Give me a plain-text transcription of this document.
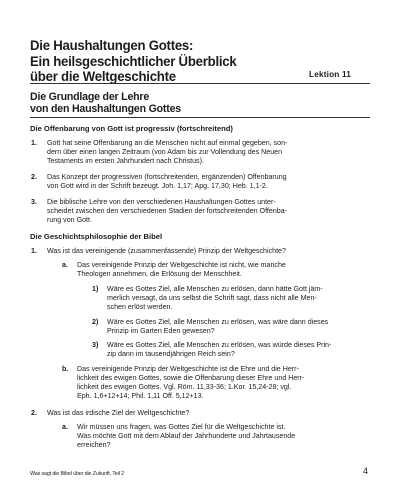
Die Haushaltungen Gottes:
Ein heilsgeschichtlicher Überblick
über die Weltgeschichte	Lektion 11
Die Grundlage der Lehre
von den Haushaltungen Gottes
Die Offenbarung von Gott ist progressiv (fortschreitend)
1. Gott hat seine Offenbarung an die Menschen nicht auf einmal gegeben, son-
dern über einen langen Zeitraum (von Adam bis zur Vollendung des Neuen
Testaments im ersten Jahrhundert nach Christus).
2. Das Konzept der progressiven (fortschreitenden, ergänzenden) Offenbarung
von Gott wird in der Schrift bezeugt. Joh. 1,17; Apg. 17,30; Heb. 1,1-2.
3. Die biblische Lehre von den verschiedenen Haushaltungen Gottes unter-
scheidet zwischen den verschiedenen Stadien der fortschreitenden Offenba-
rung von Gott.
Die Geschichtsphilosophie der Bibel
1. Was ist das vereinigende (zusammenfassende) Prinzip der Weltgeschichte?
a. Das vereinigende Prinzip der Weltgeschichte ist nicht, wie manche
Theologen annehmen, die Erlösung der Menschheit.
1) Wäre es Gottes Ziel, alle Menschen zu erlösen, dann hätte Gott jäm-
merlich versagt, da uns selbst die Schrift sagt, dass nicht alle Men-
schen erlöst werden.
2) Wäre es Gottes Ziel, alle Menschen zu erlösen, was wäre dann dieses
Prinzip im Garten Eden gewesen?
3) Wäre es Gottes Ziel, alle Menschen zu erlösen, was würde dieses Prin-
zip dann im tausendjährigen Reich sein?
b. Das vereinigende Prinzip der Weltgeschichte ist die Ehre und die Herr-
lichkeit des ewigen Gottes, sowie die Offenbarung dieser Ehre und Herr-
lichkeit des ewigen Gottes. Vgl. Röm. 11,33-36; 1.Kor. 15,24-28; vgl.
Eph. 1,6+12+14; Phil. 1,11 Off. 5,12+13.
2. Was ist das irdische Ziel der Weltgeschichte?
a. Wir müssen uns fragen, was Gottes Ziel für die Weltgeschichte ist.
Was möchte Gott mit dem Ablauf der Jahrhunderte und Jahrtausende
erreichen?
Was sagt die Bibel über die Zukunft, Teil 2	4
